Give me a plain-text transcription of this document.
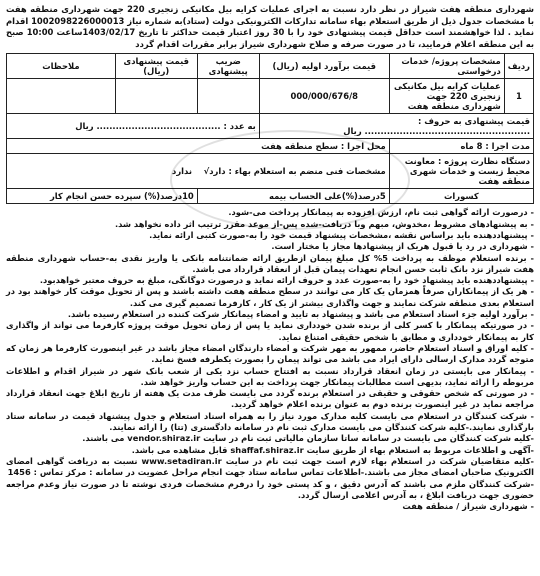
شهرداری منطقه هفت شیراز در نظر دارد نسبت به اجرای عملیات کرایه بیل مکانیکی زنجیری 220 جهت شهرداری منطقه هفت با مشخصات جدول ذیل از طریق استعلام بهاء سامانه تدارکات الکترونیکی دولت (ستاد)به شماره نیاز 1002098226000013 اقدام نماید . لذا خواهشمند است حداقل قیمت پیشنهادی خود را با 30 روز اعتبار قیمت حداکثر تا تاریخ 1403/02/17ساعت 10:00 صبح به این منطقه اعلام فرمایید، تا در صورت صرفه و صلاح شهرداری شیراز برابر مقررات اقدام گردد

ردیف	مشخصات پروژه/ خدمات درخواستی	قیمت برآورد اولیه (ریال)	ضریب پیشنهادی	قیمت پیشنهادی (ریال)	ملاحظات
1	عملیات کرایه بیل مکانیکی زنجیری 220 جهت شهرداری منطقه هفت	000/000/676/8			
قیمت پیشنهادی به حروف : .................................................... ریال			به عدد : ....................................... ریال		
مدت اجرا : 8 ماه		محل اجرا : سطح منطقه هفت			
دستگاه نظارت پروژه : معاونت محیط زیست و خدمات شهری منطقه هفت		مشخصات فنی منضم به استعلام بهاء : دارد√    ندارد			
کسورات		5درصد(%)علی الحساب بیمه		10درصد(%) سپرده حسن انجام کار	

- درصورت ارائه گواهی ثبت نام، ارزش افزوده به پیمانکار پرداخت می-شود.

- به پیشنهادهای مشروط ،مخدوش، مبهم وبا دریافت-شده پس-از موعد مقرر ترتیب اثر داده نخواهد شد.

- پیشنهاددهنده باید براساس نقشه ،مشخصات پیشنهاد قیمت خود را به-صورت کتبی ارائه نماید.

- شهرداری در رد یا قبول هریک از پیشنهادها مجاز یا مختار است.

- برنده استعلام موظف به پرداخت 5% کل مبلغ پیمان ازطریق ارائه ضمانتنامه بانکی یا واریز نقدی به-حساب شهرداری منطقه هفت شیراز نزد بانک ثابت حسن انجام تعهدات پیمان قبل از انعقاد قرارداد می باشد.

- پیشنهاددهنده باید پیشنهاد خود را به-صورت عدد و حروف ارائه نماید و درصورت دوگانگی، مبلغ به حروف معتبر خواهدبود.

- هر یک از پیمانکاران صرفاً همزمان یک کار می توانند در سطح منطقه هفت داشته باشند و پس از تحویل موقت کار خواهند بود در استعلام بعدی منطقه شرکت نمایند و جهت واگذاری بیشتر از یک کار ، کارفرما تصمیم گیری می کند.

- برآورد اولیه جزء اسناد استعلام می باشد و پیشنهاد به تایید و امضاء پیمانکار شرکت کننده در استعلام رسیده باشد.

- در صورتیکه پیمانکار با کسر کلی از برنده شدن خودداری نماید یا پس از زمان تحویل موقت پروژه کارفرما می تواند از واگذاری کار به پیمانکار خودداری و مطابق با شخص حقیقی امتناع نماید.

- کلیه اوراق و اسناد استعلام حاضر، ممهور به مهر شرکت و امضاء دارندگان امضاء مجاز باشد در غیر اینصورت کارفرما هر زمان که متوجه گردد مدارک ارسالی دارای ایراد می باشد می تواند پیمان را بصورت یکطرفه فسخ نماید.

- پیمانکار می بایستی در زمان انعقاد قرارداد نسبت به افتتاح حساب نزد یکی از شعب بانک شهر در شیراز اقدام و اطلاعات مربوطه را ارائه نماید، بدیهی است مطالبات پیمانکار جهت پرداخت به این حساب واریز خواهد شد.

- در صورتی که شخص حقوقی و حقیقی در استعلام برنده گردد می بایست ظرف مدت یک هفته از تاریخ ابلاغ جهت انعقاد قرارداد مراجعه نماید در غیر اینصورت برنده دوم به عنوان برنده اعلام خواهد گردید.

- شرکت کنندگان در استعلام می بایست کلیه مدارک مورد نیاز را به همراه اسناد استعلام و جدول پیشنهاد قیمت در سامانه ستاد بارگذاری نمایند.-کلیه شرکت کنندگان می بایست مدارک ثبت نام در سامانه دادگستری (تتا) را ارائه نمایند.

-کلیه شرکت کنندگان می بایست در سامانه ساتا سازمان مالیاتی ثبت نام در سایت vendor.shiraz.ir می باشند.

-آگهی و اطلاعات مربوط به استعلام بهاء از طریق سایت shaffaf.shiraz.ir قابل مشاهده می باشد.

-کلیه متقاضیان شرکت در استعلام بهاء لازم است جهت ثبت نام در سایت www.setadiran.ir نسبت به دریافت گواهی امضای الکترونیک صاحبان امضای مجاز می باشند.-اطلاعات تماس سامانه ستاد جهت انجام مراحل عضویت در سامانه : مرکز تماس : 1456

-شرکت کنندگان ملزم می باشند که آدرس دقیق ، و کد پستی خود را درفرم مشخصات فردی نوشته تا در صورت نیاز وعدم مراجعه حضوری جهت دریافت ابلاغ ، به آدرس اعلامی ارسال گردد.

- شهرداری شیراز / منطقه هفت
